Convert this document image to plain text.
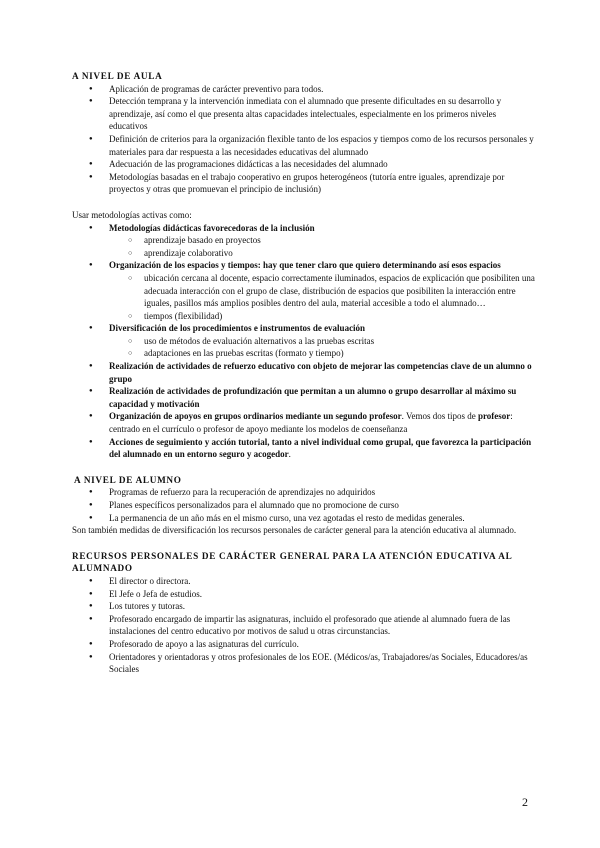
A NIVEL DE AULA
● Aplicación de programas de carácter preventivo para todos.
● Detección temprana y la intervención inmediata con el alumnado que presente dificultades en su desarrollo y aprendizaje, así como el que presenta altas capacidades intelectuales, especialmente en los primeros niveles educativos
● Definición de criterios para la organización flexible tanto de los espacios y tiempos como de los recursos personales y materiales para dar respuesta a las necesidades educativas del alumnado
● Adecuación de las programaciones didácticas a las necesidades del alumnado
● Metodologías basadas en el trabajo cooperativo en grupos heterogéneos (tutoría entre iguales, aprendizaje por proyectos y otras que promuevan el principio de inclusión)

Usar metodologías activas como:

● Metodologías didácticas favorecedoras de la inclusión
○ aprendizaje basado en proyectos
○ aprendizaje colaborativo
● Organización de los espacios y tiempos: hay que tener claro que quiero determinando así esos espacios
○ ubicación cercana al docente, espacio correctamente iluminados, espacios de explicación que posibiliten una adecuada interacción con el grupo de clase, distribución de espacios que posibiliten la interacción entre iguales, pasillos más amplios posibles dentro del aula, material accesible a todo el alumnado…
○ tiempos (flexibilidad)
● Diversificación de los procedimientos e instrumentos de evaluación
○ uso de métodos de evaluación alternativos a las pruebas escritas
○ adaptaciones en las pruebas escritas (formato y tiempo)
● Realización de actividades de refuerzo educativo con objeto de mejorar las competencias clave de un alumno o grupo
● Realización de actividades de profundización que permitan a un alumno o grupo desarrollar al máximo su capacidad y motivación
● Organización de apoyos en grupos ordinarios mediante un segundo profesor. Vemos dos tipos de profesor: centrado en el currículo o profesor de apoyo mediante los modelos de coenseñanza
● Acciones de seguimiento y acción tutorial, tanto a nivel individual como grupal, que favorezca la participación del alumnado en un entorno seguro y acogedor.
A NIVEL DE ALUMNO
● Programas de refuerzo para la recuperación de aprendizajes no adquiridos
● Planes específicos personalizados para el alumnado que no promocione de curso
● La permanencia de un año más en el mismo curso, una vez agotadas el resto de medidas generales.

Son también medidas de diversificación los recursos personales de carácter general para la atención educativa al alumnado.

RECURSOS PERSONALES DE CARÁCTER GENERAL PARA LA ATENCIÓN EDUCATIVA AL ALUMNADO
● El director o directora.
● El Jefe o Jefa de estudios.
● Los tutores y tutoras.
● Profesorado encargado de impartir las asignaturas, incluido el profesorado que atiende al alumnado fuera de las instalaciones del centro educativo por motivos de salud u otras circunstancias.
● Profesorado de apoyo a las asignaturas del currículo.
● Orientadores y orientadoras y otros profesionales de los EOE. (Médicos/as, Trabajadores/as Sociales, Educadores/as Sociales
2
